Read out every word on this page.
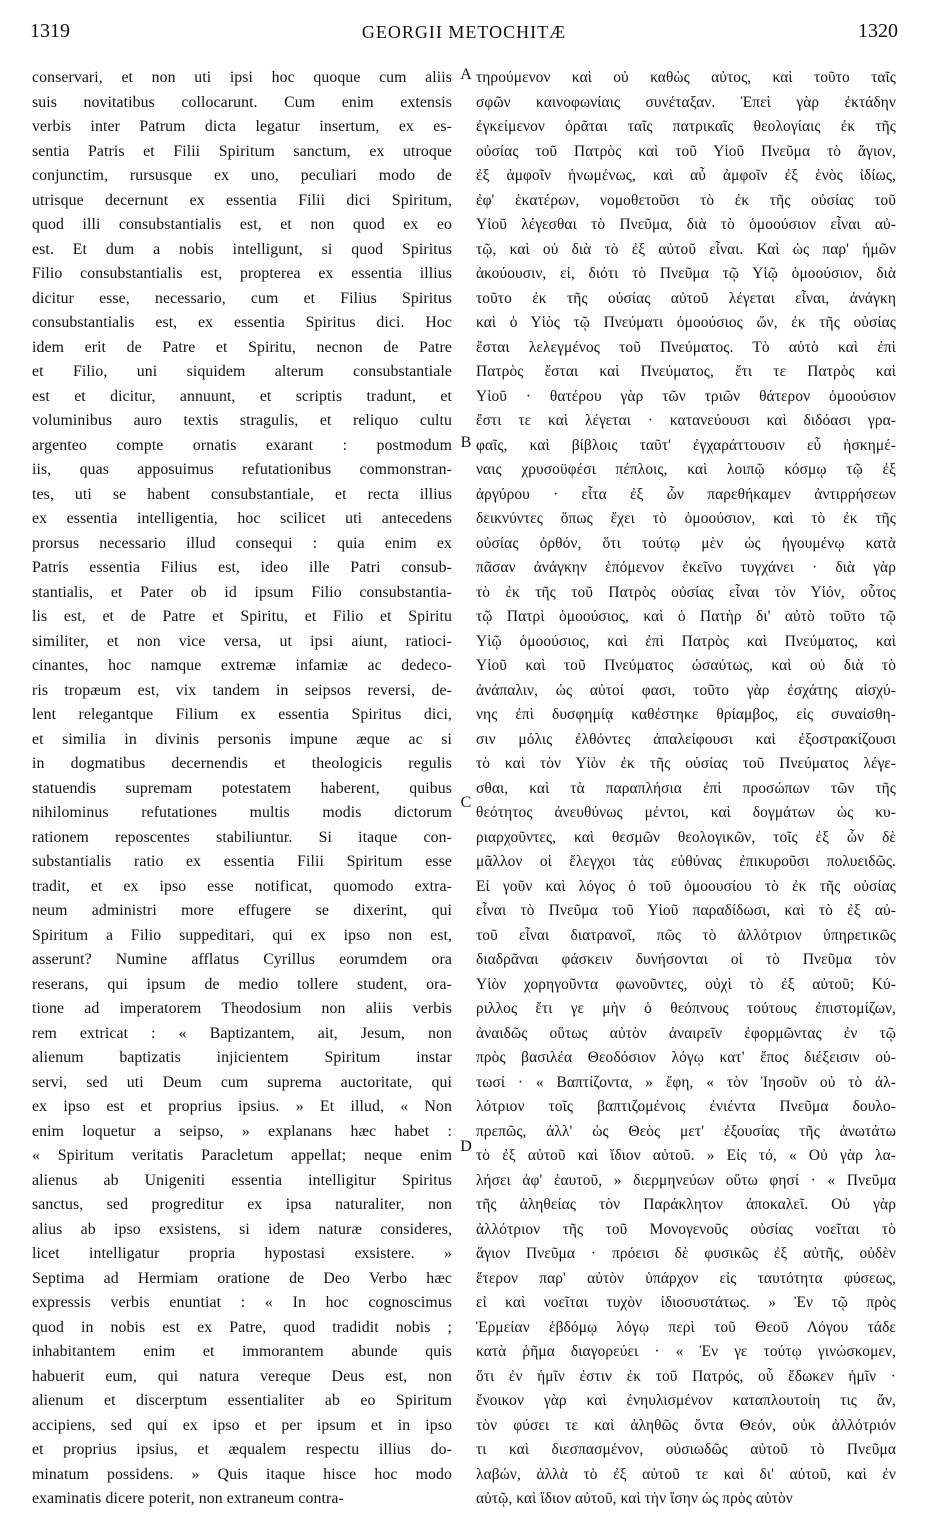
1319	GEORGII METOCHITÆ	1320

conservari, et non uti ipsi hoc quoque cum aliis

suis novitatibus collocarunt. Cum enim extensis

verbis inter Patrum dicta legatur insertum, ex es-

sentia Patris et Filii Spiritum sanctum, ex utroque

conjunctim, rursusque ex uno, peculiari modo de

utrisque decernunt ex essentia Filii dici Spiritum,

quod illi consubstantialis est, et non quod ex eo

est. Et dum a nobis intelligunt, si quod Spiritus

Filio consubstantialis est, propterea ex essentia illius

dicitur esse, necessario, cum et Filius Spiritus

consubstantialis est, ex essentia Spiritus dici. Hoc

idem erit de Patre et Spiritu, necnon de Patre

et Filio, uni siquidem alterum consubstantiale

est et dicitur, annuunt, et scriptis tradunt, et

voluminibus auro textis stragulis, et reliquo cultu

argenteo compte ornatis exarant : postmodum

iis, quas apposuimus refutationibus commonstran-

tes, uti se habent consubstantiale, et recta illius

ex essentia intelligentia, hoc scilicet uti antecedens

prorsus necessario illud consequi : quia enim ex

Patris essentia Filius est, ideo ille Patri consub-

stantialis, et Pater ob id ipsum Filio consubstantia-

lis est, et de Patre et Spiritu, et Filio et Spiritu

similiter, et non vice versa, ut ipsi aiunt, ratioci-

cinantes, hoc namque extremæ infamiæ ac dedeco-

ris tropæum est, vix tandem in seipsos reversi, de-

lent relegantque Filium ex essentia Spiritus dici,

et similia in divinis personis impune æque ac si

in dogmatibus decernendis et theologicis regulis

statuendis supremam potestatem haberent, quibus

nihilominus refutationes multis modis dictorum

rationem reposcentes stabiliuntur. Si itaque con-

substantialis ratio ex essentia Filii Spiritum esse

tradit, et ex ipso esse notificat, quomodo extra-

neum administri more effugere se dixerint, qui

Spiritum a Filio suppeditari, qui ex ipso non est,

asserunt? Numine afflatus Cyrillus eorumdem ora

reserans, qui ipsum de medio tollere student, ora-

tione ad imperatorem Theodosium non aliis verbis

rem extricat : « Baptizantem, ait, Jesum, non

alienum baptizatis injicientem Spiritum instar

servi, sed uti Deum cum suprema auctoritate, qui

ex ipso est et proprius ipsius. » Et illud, « Non

enim loquetur a seipso, » explanans hæc habet :

« Spiritum veritatis Paracletum appellat; neque enim

alienus ab Unigeniti essentia intelligitur Spiritus

sanctus, sed progreditur ex ipsa naturaliter, non

alius ab ipso exsistens, si idem naturæ consideres,

licet intelligatur propria hypostasi exsistere. »

Septima ad Hermiam oratione de Deo Verbo hæc

expressis verbis enuntiat : « In hoc cognoscimus

quod in nobis est ex Patre, quod tradidit nobis ;

inhabitantem enim et immorantem abunde quis

habuerit eum, qui natura vereque Deus est, non

alienum et discerptum essentialiter ab eo Spiritum

accipiens, sed qui ex ipso et per ipsum et in ipso

et proprius ipsius, et æqualem respectu illius do-

minatum possidens. » Quis itaque hisce hoc modo

examinatis dicere poterit, non extraneum contra-

A
B
C
D

τηρούμενον καὶ οὐ καθὼς αὐτος, καὶ τοῦτο ταῖς

σφῶν καινοφωνίαις συνέταξαν. Ἐπεὶ γὰρ ἐκτάδην

ἐγκείμενον ὁρᾶται ταῖς πατρικαῖς θεολογίαις ἐκ τῆς

οὐσίας τοῦ Πατρὸς καὶ τοῦ Υἱοῦ Πνεῦμα τὸ ἅγιον,

ἐξ ἀμφοῖν ἡνωμένως, καὶ αὖ ἀμφοῖν ἐξ ἑνὸς ἰδίως,

ἐφ' ἑκατέρων, νομοθετοῦσι τὸ ἐκ τῆς οὐσίας τοῦ

Υἱοῦ λέγεσθαι τὸ Πνεῦμα, διὰ τὸ ὁμοούσιον εἶναι αὐ-

τῷ, καὶ οὐ διὰ τὸ ἐξ αὐτοῦ εἶναι. Καὶ ὡς παρ' ἡμῶν

ἀκούουσιν, εἰ, διότι τὸ Πνεῦμα τῷ Υἱῷ ὁμοούσιον, διὰ

τοῦτο ἐκ τῆς οὐσίας αὐτοῦ λέγεται εἶναι, ἀνάγκη

καὶ ὁ Υἱὸς τῷ Πνεύματι ὁμοούσιος ὤν, ἐκ τῆς οὐσίας

ἔσται λελεγμένος τοῦ Πνεύματος. Τὸ αὐτὸ καὶ ἐπὶ

Πατρὸς ἔσται καὶ Πνεύματος, ἔτι τε Πατρὸς καὶ

Υἱοῦ · θατέρου γὰρ τῶν τριῶν θάτερον ὁμοούσιον

ἔστι τε καὶ λέγεται · κατανεύουσι καὶ διδόασι γρα-

φαῖς, καὶ βίβλοις ταῦτ' ἐγχαράττουσιν εὖ ἠσκημέ-

ναις χρυσοϋφέσι πέπλοις, καὶ λοιπῷ κόσμῳ τῷ ἐξ

ἀργύρου · εἶτα ἐξ ὧν παρεθήκαμεν ἀντιρρήσεων

δεικνύντες ὅπως ἔχει τὸ ὁμοούσιον, καὶ τὸ ἐκ τῆς

οὐσίας ὀρθόν, ὅτι τούτῳ μὲν ὡς ἡγουμένῳ κατὰ

πᾶσαν ἀνάγκην ἑπόμενον ἐκεῖνο τυγχάνει · διὰ γὰρ

τὸ ἐκ τῆς τοῦ Πατρὸς οὐσίας εἶναι τὸν Υἱόν, οὗτος

τῷ Πατρὶ ὁμοούσιος, καὶ ὁ Πατὴρ δι' αὐτὸ τοῦτο τῷ

Υἱῷ ὁμοούσιος, καὶ ἐπὶ Πατρὸς καὶ Πνεύματος, καὶ

Υἱοῦ καὶ τοῦ Πνεύματος ὡσαύτως, καὶ οὐ διὰ τὸ

ἀνάπαλιν, ὡς αὐτοί φασι, τοῦτο γὰρ ἐσχάτης αἰσχύ-

νης ἐπὶ δυσφημίᾳ καθέστηκε θρίαμβος, εἰς συναίσθη-

σιν μόλις ἐλθόντες ἀπαλείφουσι καὶ ἐξοστρακίζουσι

τὸ καὶ τὸν Υἱὸν ἐκ τῆς οὐσίας τοῦ Πνεύματος λέγε-

σθαι, καὶ τὰ παραπλήσια ἐπὶ προσώπων τῶν τῆς

θεότητος ἀνευθύνως μέντοι, καὶ δογμάτων ὡς κυ-

ριαρχοῦντες, καὶ θεσμῶν θεολογικῶν, τοῖς ἐξ ὧν δὲ

μᾶλλον οἱ ἔλεγχοι τὰς εὐθύνας ἐπικυροῦσι πολυειδῶς.

Εἰ γοῦν καὶ λόγος ὁ τοῦ ὁμοουσίου τὸ ἐκ τῆς οὐσίας

εἶναι τὸ Πνεῦμα τοῦ Υἱοῦ παραδίδωσι, καὶ τὸ ἐξ αὐ-

τοῦ εἶναι διατρανοῖ, πῶς τὸ ἀλλότριον ὑπηρετικῶς

διαδρᾶναι φάσκειν δυνήσονται οἱ τὸ Πνεῦμα τὸν

Υἱὸν χορηγοῦντα φωνοῦντες, οὐχὶ τὸ ἐξ αὐτοῦ; Κύ-

ριλλος ἔτι γε μὴν ὁ θεόπνους τούτους ἐπιστομίζων,

ἀναιδῶς οὕτως αὐτὸν ἀναιρεῖν ἐφορμῶντας ἐν τῷ

πρὸς βασιλέα Θεοδόσιον λόγῳ κατ' ἔπος διέξεισιν οὑ-

τωσί · « Βαπτίζοντα, » ἔφη, « τὸν Ἰησοῦν οὐ τὸ ἀλ-

λότριον τοῖς βαπτιζομένοις ἐνιέντα Πνεῦμα δουλο-

πρεπῶς, ἀλλ' ὡς Θεὸς μετ' ἐξουσίας τῆς ἀνωτάτω

τὸ ἐξ αὐτοῦ καὶ ἴδιον αὐτοῦ. » Εἰς τό, « Οὐ γὰρ λα-

λήσει ἀφ' ἑαυτοῦ, » διερμηνεύων οὕτω φησί · « Πνεῦμα

τῆς ἀληθείας τὸν Παράκλητον ἀποκαλεῖ. Οὐ γὰρ

ἀλλότριον τῆς τοῦ Μονογενοῦς οὐσίας νοεῖται τὸ

ἅγιον Πνεῦμα · πρόεισι δὲ φυσικῶς ἐξ αὐτῆς, οὐδὲν

ἕτερον παρ' αὐτὸν ὑπάρχον εἰς ταυτότητα φύσεως,

εἰ καὶ νοεῖται τυχὸν ἰδιοσυστάτως. » Ἐν τῷ πρὸς

Ἑρμείαν ἑβδόμῳ λόγῳ περὶ τοῦ Θεοῦ Λόγου τάδε

κατὰ ῥῆμα διαγορεύει · « Ἐν γε τούτῳ γινώσκομεν,

ὅτι ἐν ἡμῖν ἐστιν ἐκ τοῦ Πατρός, οὗ ἔδωκεν ἡμῖν ·

ἔνοικον γὰρ καὶ ἐνηυλισμένον καταπλουτοίη τις ἄν,

τὸν φύσει τε καὶ ἀληθῶς ὄντα Θεόν, οὐκ ἀλλότριόν

τι καὶ διεσπασμένον, οὐσιωδῶς αὐτοῦ τὸ Πνεῦμα

λαβών, ἀλλὰ τὸ ἐξ αὐτοῦ τε καὶ δι' αὐτοῦ, καὶ ἐν

αὐτῷ, καὶ ἴδιον αὐτοῦ, καὶ τὴν ἴσην ὡς πρὸς αὐτὸν
